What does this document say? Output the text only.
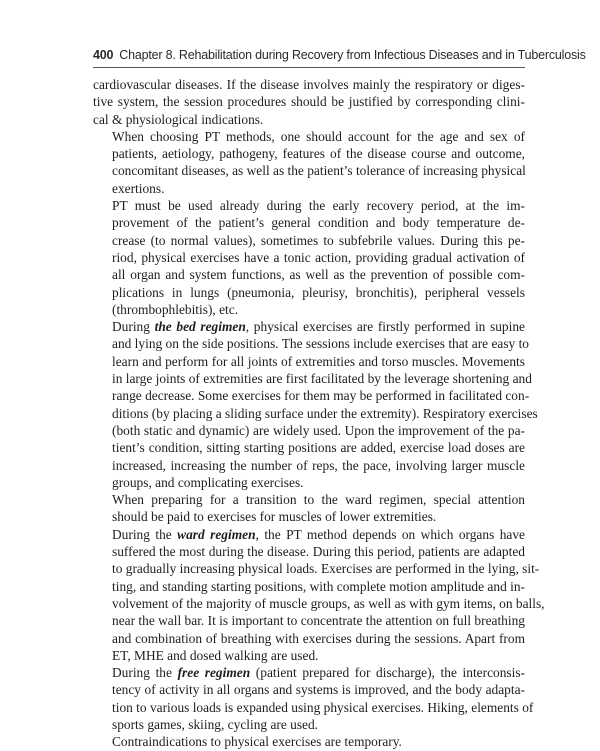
400 Chapter 8. Rehabilitation during Recovery from Infectious Diseases and in Tuberculosis

cardiovascular diseases. If the disease involves mainly the respiratory or diges-
tive system, the session procedures should be justified by corresponding clini-
cal & physiological indications.

When choosing PT methods, one should account for the age and sex of
patients, aetiology, pathogeny, features of the disease course and outcome,
concomitant diseases, as well as the patient’s tolerance of increasing physical
exertions.

PT must be used already during the early recovery period, at the im-
provement of the patient’s general condition and body temperature de-
crease (to normal values), sometimes to subfebrile values. During this pe-
riod, physical exercises have a tonic action, providing gradual activation of
all organ and system functions, as well as the prevention of possible com-
plications in lungs (pneumonia, pleurisy, bronchitis), peripheral vessels
(thrombophlebitis), etc.

During the bed regimen, physical exercises are firstly performed in supine
and lying on the side positions. The sessions include exercises that are easy to
learn and perform for all joints of extremities and torso muscles. Movements
in large joints of extremities are first facilitated by the leverage shortening and
range decrease. Some exercises for them may be performed in facilitated con-
ditions (by placing a sliding surface under the extremity). Respiratory exercises
(both static and dynamic) are widely used. Upon the improvement of the pa-
tient’s condition, sitting starting positions are added, exercise load doses are
increased, increasing the number of reps, the pace, involving larger muscle
groups, and complicating exercises.

When preparing for a transition to the ward regimen, special attention
should be paid to exercises for muscles of lower extremities.

During the ward regimen, the PT method depends on which organs have
suffered the most during the disease. During this period, patients are adapted
to gradually increasing physical loads. Exercises are performed in the lying, sit-
ting, and standing starting positions, with complete motion amplitude and in-
volvement of the majority of muscle groups, as well as with gym items, on balls,
near the wall bar. It is important to concentrate the attention on full breathing
and combination of breathing with exercises during the sessions. Apart from
ET, MHE and dosed walking are used.

During the free regimen (patient prepared for discharge), the interconsis-
tency of activity in all organs and systems is improved, and the body adapta-
tion to various loads is expanded using physical exercises. Hiking, elements of
sports games, skiing, cycling are used.

Contraindications to physical exercises are temporary.
